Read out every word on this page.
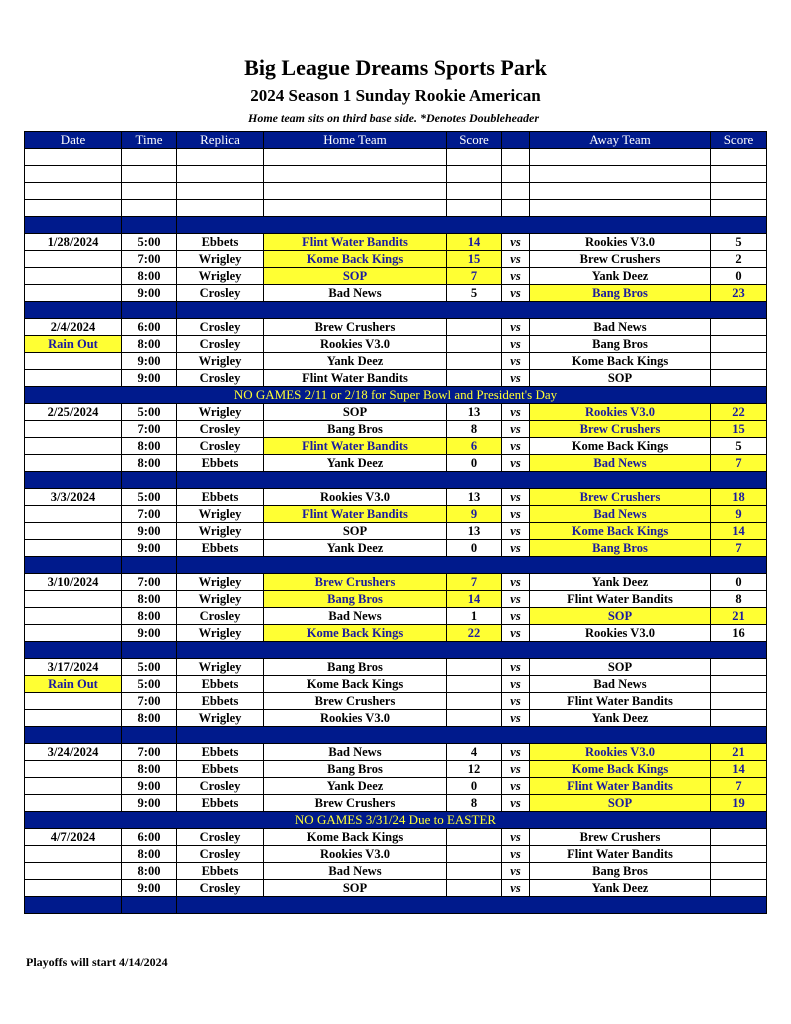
Big League Dreams Sports Park
2024 Season 1 Sunday Rookie American
Home team sits on third base side. *Denotes Doubleheader
Date	Time	Replica	Home Team	Score		Away Team	Score

1/28/2024	5:00	Ebbets	Flint Water Bandits	14	vs	Rookies V3.0	5
	7:00	Wrigley	Kome Back Kings	15	vs	Brew Crushers	2
	8:00	Wrigley	SOP	7	vs	Yank Deez	0
	9:00	Crosley	Bad News	5	vs	Bang Bros	23

2/4/2024	6:00	Crosley	Brew Crushers		vs	Bad News	
Rain Out	8:00	Crosley	Rookies V3.0		vs	Bang Bros	
	9:00	Wrigley	Yank Deez		vs	Kome Back Kings	
	9:00	Crosley	Flint Water Bandits		vs	SOP	
NO GAMES 2/11 or 2/18 for Super Bowl and President's Day							
2/25/2024	5:00	Wrigley	SOP	13	vs	Rookies V3.0	22
	7:00	Crosley	Bang Bros	8	vs	Brew Crushers	15
	8:00	Crosley	Flint Water Bandits	6	vs	Kome Back Kings	5
	8:00	Ebbets	Yank Deez	0	vs	Bad News	7

3/3/2024	5:00	Ebbets	Rookies V3.0	13	vs	Brew Crushers	18
	7:00	Wrigley	Flint Water Bandits	9	vs	Bad News	9
	9:00	Wrigley	SOP	13	vs	Kome Back Kings	14
	9:00	Ebbets	Yank Deez	0	vs	Bang Bros	7

3/10/2024	7:00	Wrigley	Brew Crushers	7	vs	Yank Deez	0
	8:00	Wrigley	Bang Bros	14	vs	Flint Water Bandits	8
	8:00	Crosley	Bad News	1	vs	SOP	21
	9:00	Wrigley	Kome Back Kings	22	vs	Rookies V3.0	16

3/17/2024	5:00	Wrigley	Bang Bros		vs	SOP	
Rain Out	5:00	Ebbets	Kome Back Kings		vs	Bad News	
	7:00	Ebbets	Brew Crushers		vs	Flint Water Bandits	
	8:00	Wrigley	Rookies V3.0		vs	Yank Deez	

3/24/2024	7:00	Ebbets	Bad News	4	vs	Rookies V3.0	21
	8:00	Ebbets	Bang Bros	12	vs	Kome Back Kings	14
	9:00	Crosley	Yank Deez	0	vs	Flint Water Bandits	7
	9:00	Ebbets	Brew Crushers	8	vs	SOP	19
NO GAMES 3/31/24 Due to EASTER							
4/7/2024	6:00	Crosley	Kome Back Kings		vs	Brew Crushers	
	8:00	Crosley	Rookies V3.0		vs	Flint Water Bandits	
	8:00	Ebbets	Bad News		vs	Bang Bros	
	9:00	Crosley	SOP		vs	Yank Deez	

Playoffs will start 4/14/2024
